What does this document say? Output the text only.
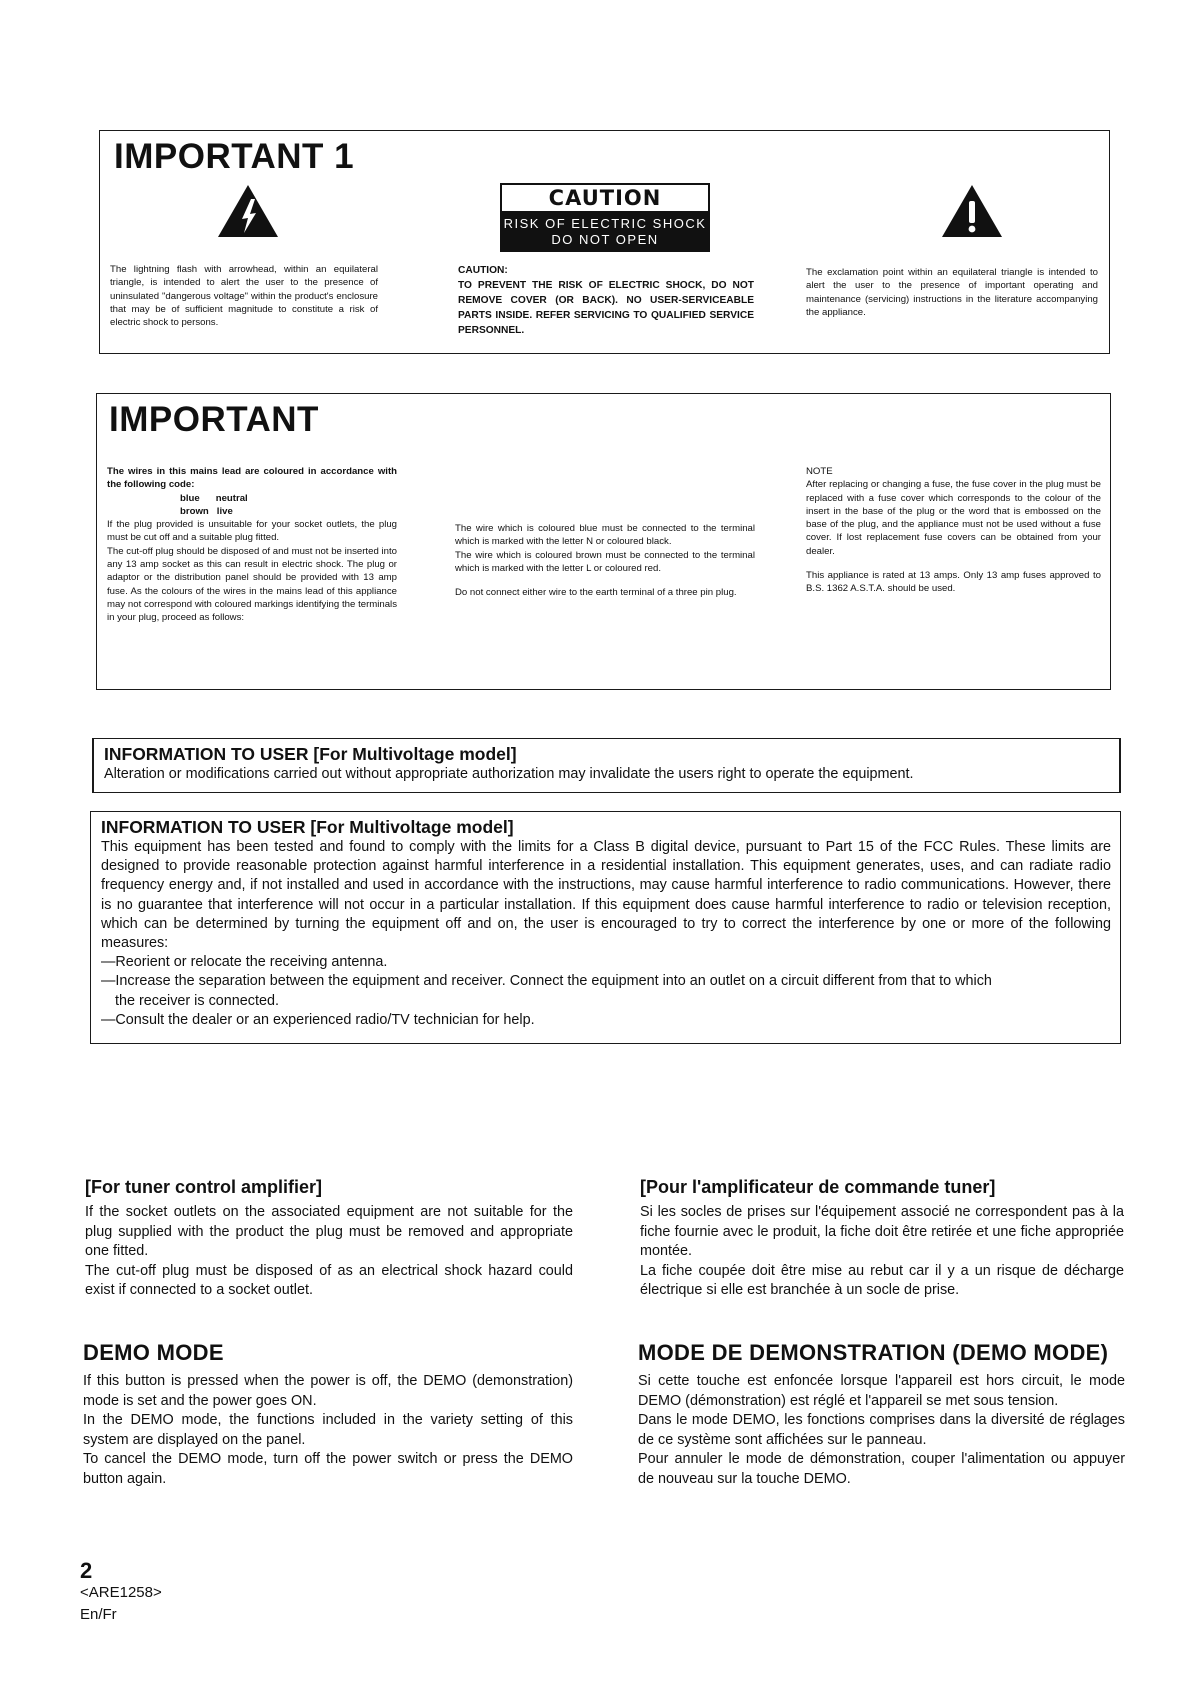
IMPORTANT 1
CAUTION
RISK OF ELECTRIC SHOCK
DO NOT OPEN
The lightning flash with arrowhead, within an equilateral triangle, is intended to alert the user to the presence of uninsulated "dangerous voltage" within the product's enclosure that may be of sufficient magnitude to constitute a risk of electric shock to persons.
CAUTION:
TO PREVENT THE RISK OF ELECTRIC SHOCK, DO NOT REMOVE COVER (OR BACK). NO USER-SERVICEABLE PARTS INSIDE. REFER SERVICING TO QUALIFIED SERVICE PERSONNEL.
The exclamation point within an equilateral triangle is intended to alert the user to the presence of important operating and maintenance (servicing) instructions in the literature accompanying the appliance.
IMPORTANT
The wires in this mains lead are coloured in accordance with the following code:
blue      neutral
brown   live
If the plug provided is unsuitable for your socket outlets, the plug must be cut off and a suitable plug fitted.
The cut-off plug should be disposed of and must not be inserted into any 13 amp socket as this can result in electric shock. The plug or adaptor or the distribution panel should be provided with 13 amp fuse. As the colours of the wires in the mains lead of this appliance may not correspond with coloured markings identifying the terminals in your plug, proceed as follows:
The wire which is coloured blue must be connected to the terminal which is marked with the letter N or coloured black.
The wire which is coloured brown must be connected to the terminal which is marked with the letter L or coloured red.
Do not connect either wire to the earth terminal of a three pin plug.
NOTE
After replacing or changing a fuse, the fuse cover in the plug must be replaced with a fuse cover which corresponds to the colour of the insert in the base of the plug or the word that is embossed on the base of the plug, and the appliance must not be used without a fuse cover. If lost replacement fuse covers can be obtained from your dealer.
This appliance is rated at 13 amps. Only 13 amp fuses approved to B.S. 1362 A.S.T.A. should be used.
INFORMATION TO USER [For Multivoltage model]
Alteration or modifications carried out without appropriate authorization may invalidate the users right to operate the equipment.
INFORMATION TO USER [For Multivoltage model]
This equipment has been tested and found to comply with the limits for a Class B digital device, pursuant to Part 15 of the FCC Rules. These limits are designed to provide reasonable protection against harmful interference in a residential installation. This equipment generates, uses, and can radiate radio frequency energy and, if not installed and used in accordance with the instructions, may cause harmful interference to radio communications. However, there is no guarantee that interference will not occur in a particular installation. If this equipment does cause harmful interference to radio or television reception, which can be determined by turning the equipment off and on, the user is encouraged to try to correct the interference by one or more of the following measures:
—Reorient or relocate the receiving antenna.
—Increase the separation between the equipment and receiver. Connect the equipment into an outlet on a circuit different from that to which
the receiver is connected.
—Consult the dealer or an experienced radio/TV technician for help.
[For tuner control amplifier]
If the socket outlets on the associated equipment are not suitable for the plug supplied with the product the plug must be removed and appropriate one fitted.
The cut-off plug must be disposed of as an electrical shock hazard could exist if connected to a socket outlet.
[Pour l'amplificateur de commande tuner]
Si les socles de prises sur l'équipement associé ne correspondent pas à la fiche fournie avec le produit, la fiche doit être retirée et une fiche appropriée montée.
La fiche coupée doit être mise au rebut car il y a un risque de décharge électrique si elle est branchée à un socle de prise.
DEMO MODE
If this button is pressed when the power is off, the DEMO (demonstration) mode is set and the power goes ON.
In the DEMO mode, the functions included in the variety setting of this system are displayed on the panel.
To cancel the DEMO mode, turn off the power switch or press the DEMO button again.
MODE DE DEMONSTRATION (DEMO MODE)
Si cette touche est enfoncée lorsque l'appareil est hors circuit, le mode DEMO (démonstration) est réglé et l'appareil se met sous tension.
Dans le mode DEMO, les fonctions comprises dans la diversité de réglages de ce système sont affichées sur le panneau.
Pour annuler le mode de démonstration, couper l'alimentation ou appuyer de nouveau sur la touche DEMO.
2
<ARE1258>
En/Fr
